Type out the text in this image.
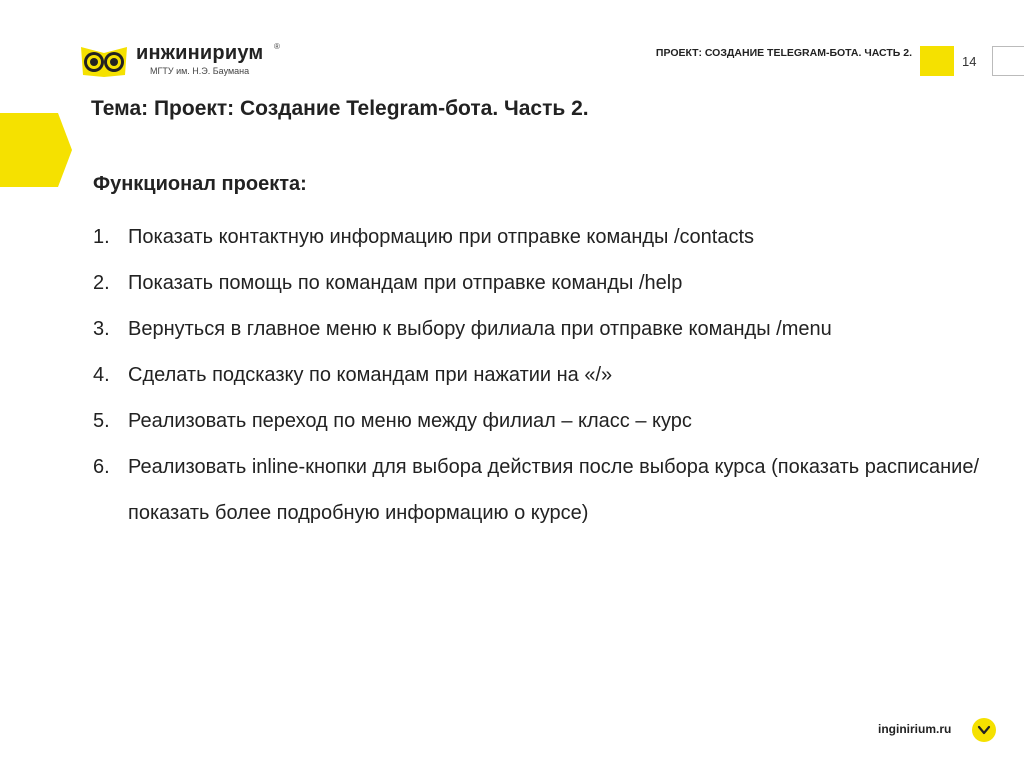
инжинириум ®
МГТУ им. Н.Э. Баумана
ПРОЕКТ: СОЗДАНИЕ TELEGRAM-БОТА. ЧАСТЬ 2.
14
Тема: Проект: Создание Telegram-бота. Часть 2.
Функционал проекта:
1. Показать контактную информацию при отправке команды /contacts
2. Показать помощь по командам при отправке команды /help
3. Вернуться в главное меню к выбору филиала при отправке команды /menu
4. Сделать подсказку по командам при нажатии на «/»
5. Реализовать переход по меню между филиал – класс – курс
6. Реализовать inline-кнопки для выбора действия после выбора курса (показать расписание/показать более подробную информацию о курсе)
inginirium.ru
